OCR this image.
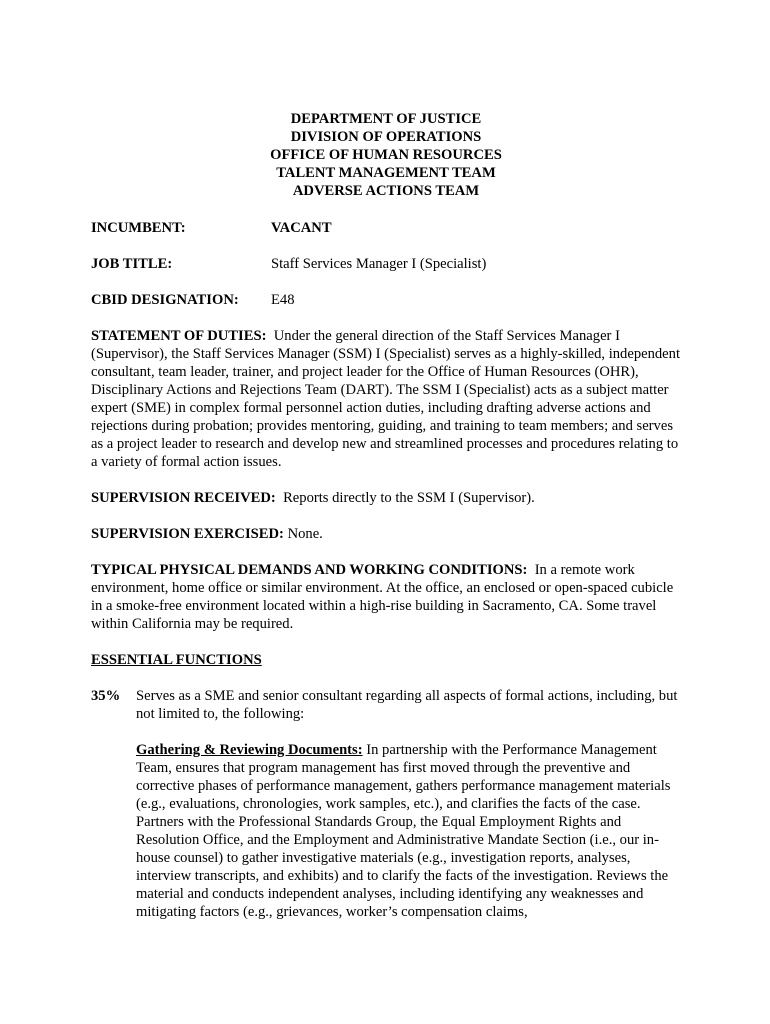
DEPARTMENT OF JUSTICE
DIVISION OF OPERATIONS
OFFICE OF HUMAN RESOURCES
TALENT MANAGEMENT TEAM
ADVERSE ACTIONS TEAM
INCUMBENT:	VACANT
JOB TITLE:	Staff Services Manager I (Specialist)
CBID DESIGNATION:	E48
STATEMENT OF DUTIES: Under the general direction of the Staff Services Manager I (Supervisor), the Staff Services Manager (SSM) I (Specialist) serves as a highly-skilled, independent consultant, team leader, trainer, and project leader for the Office of Human Resources (OHR), Disciplinary Actions and Rejections Team (DART). The SSM I (Specialist) acts as a subject matter expert (SME) in complex formal personnel action duties, including drafting adverse actions and rejections during probation; provides mentoring, guiding, and training to team members; and serves as a project leader to research and develop new and streamlined processes and procedures relating to a variety of formal action issues.
SUPERVISION RECEIVED: Reports directly to the SSM I (Supervisor).
SUPERVISION EXERCISED: None.
TYPICAL PHYSICAL DEMANDS AND WORKING CONDITIONS: In a remote work environment, home office or similar environment. At the office, an enclosed or open-spaced cubicle in a smoke-free environment located within a high-rise building in Sacramento, CA. Some travel within California may be required.
ESSENTIAL FUNCTIONS
35%	Serves as a SME and senior consultant regarding all aspects of formal actions, including, but not limited to, the following:
Gathering & Reviewing Documents: In partnership with the Performance Management Team, ensures that program management has first moved through the preventive and corrective phases of performance management, gathers performance management materials (e.g., evaluations, chronologies, work samples, etc.), and clarifies the facts of the case. Partners with the Professional Standards Group, the Equal Employment Rights and Resolution Office, and the Employment and Administrative Mandate Section (i.e., our in-house counsel) to gather investigative materials (e.g., investigation reports, analyses, interview transcripts, and exhibits) and to clarify the facts of the investigation. Reviews the material and conducts independent analyses, including identifying any weaknesses and mitigating factors (e.g., grievances, worker’s compensation claims,
